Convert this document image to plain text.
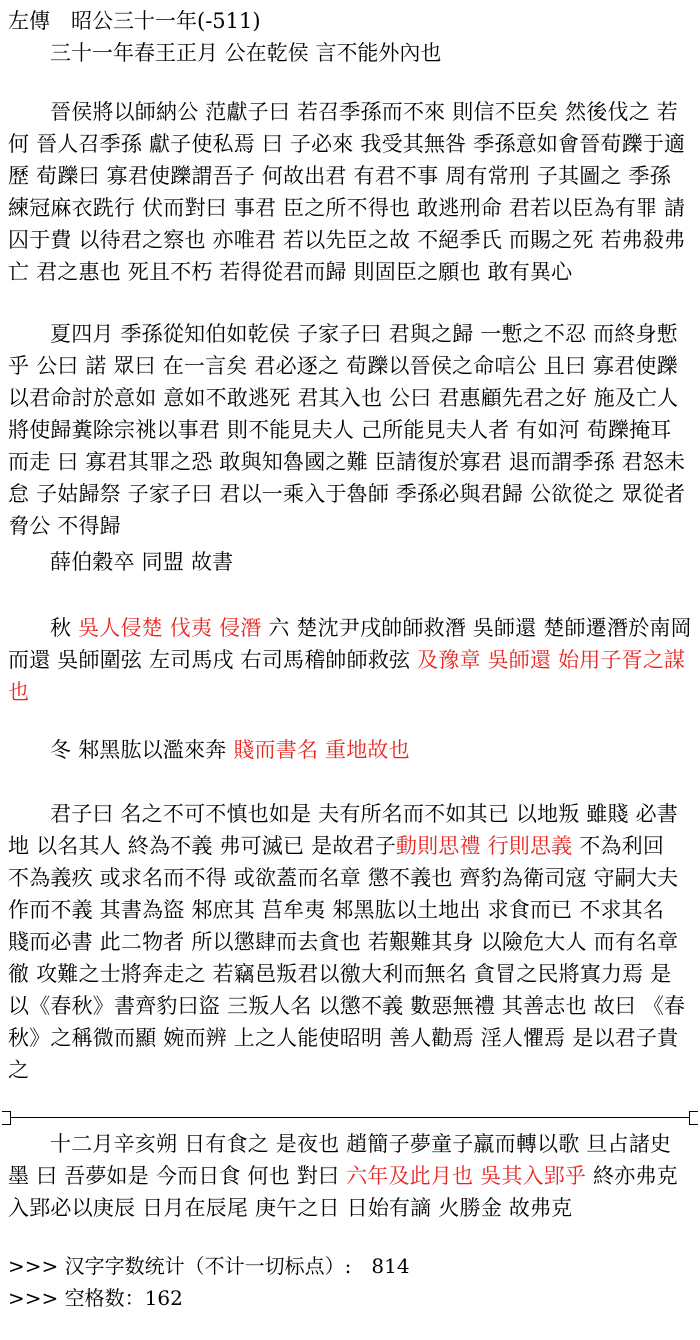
左傳　昭公三十一年(-511)
三十一年春王正月 公在乾侯 言不能外內也
晉侯將以師納公 范獻子曰 若召季孫而不來 則信不臣矣 然後伐之 若何 晉人召季孫 獻子使私焉 曰 子必來 我受其無咎 季孫意如會晉荀躒于適歷 荀躒曰 寡君使躒謂吾子 何故出君 有君不事 周有常刑 子其圖之 季孫練冠麻衣跣行 伏而對曰 事君 臣之所不得也 敢逃刑命 君若以臣為有罪 請囚于費 以待君之察也 亦唯君 若以先臣之故 不絕季氏 而賜之死 若弗殺弗亡 君之惠也 死且不朽 若得從君而歸 則固臣之願也 敢有異心
夏四月 季孫從知伯如乾侯 子家子曰 君與之歸 一慙之不忍 而終身慙乎 公曰 諾 眾曰 在一言矣 君必逐之 荀躒以晉侯之命唁公 且曰 寡君使躒以君命討於意如 意如不敢逃死 君其入也 公曰 君惠顧先君之好 施及亡人 將使歸糞除宗祧以事君 則不能見夫人 己所能見夫人者 有如河 荀躒掩耳而走 曰 寡君其罪之恐 敢與知魯國之難 臣請復於寡君 退而謂季孫 君怒未怠 子姑歸祭 子家子曰 君以一乘入于魯師 季孫必與君歸 公欲從之 眾從者脅公 不得歸
薛伯穀卒 同盟 故書
秋 吳人侵楚 伐夷 侵潛 六 楚沈尹戌帥師救潛 吳師還 楚師遷潛於南岡而還 吳師圍弦 左司馬戌 右司馬稽帥師救弦 及豫章 吳師還 始用子胥之謀也
冬 邾黑肱以濫來奔 賤而書名 重地故也
君子曰 名之不可不慎也如是 夫有所名而不如其已 以地叛 雖賤 必書地 以名其人 終為不義 弗可滅已 是故君子動則思禮 行則思義 不為利回 不為義疚 或求名而不得 或欲蓋而名章 懲不義也 齊豹為衛司寇 守嗣大夫 作而不義 其書為盜 邾庶其 莒牟夷 邾黑肱以土地出 求食而已 不求其名 賤而必書 此二物者 所以懲肆而去貪也 若艱難其身 以險危大人 而有名章徹 攻難之士將奔走之 若竊邑叛君以徼大利而無名 貪冒之民將寘力焉 是以《春秋》書齊豹曰盜 三叛人名 以懲不義 數惡無禮 其善志也 故曰 《春秋》之稱微而顯 婉而辨 上之人能使昭明 善人勸焉 淫人懼焉 是以君子貴之
十二月辛亥朔 日有食之 是夜也 趙簡子夢童子羸而轉以歌 旦占諸史墨 曰 吾夢如是 今而日食 何也 對曰 六年及此月也 吳其入郢乎 終亦弗克 入郢必以庚辰 日月在辰尾 庚午之日 日始有謫 火勝金 故弗克
>>> 汉字字数统计（不计一切标点）:　814
>>> 空格数：162
